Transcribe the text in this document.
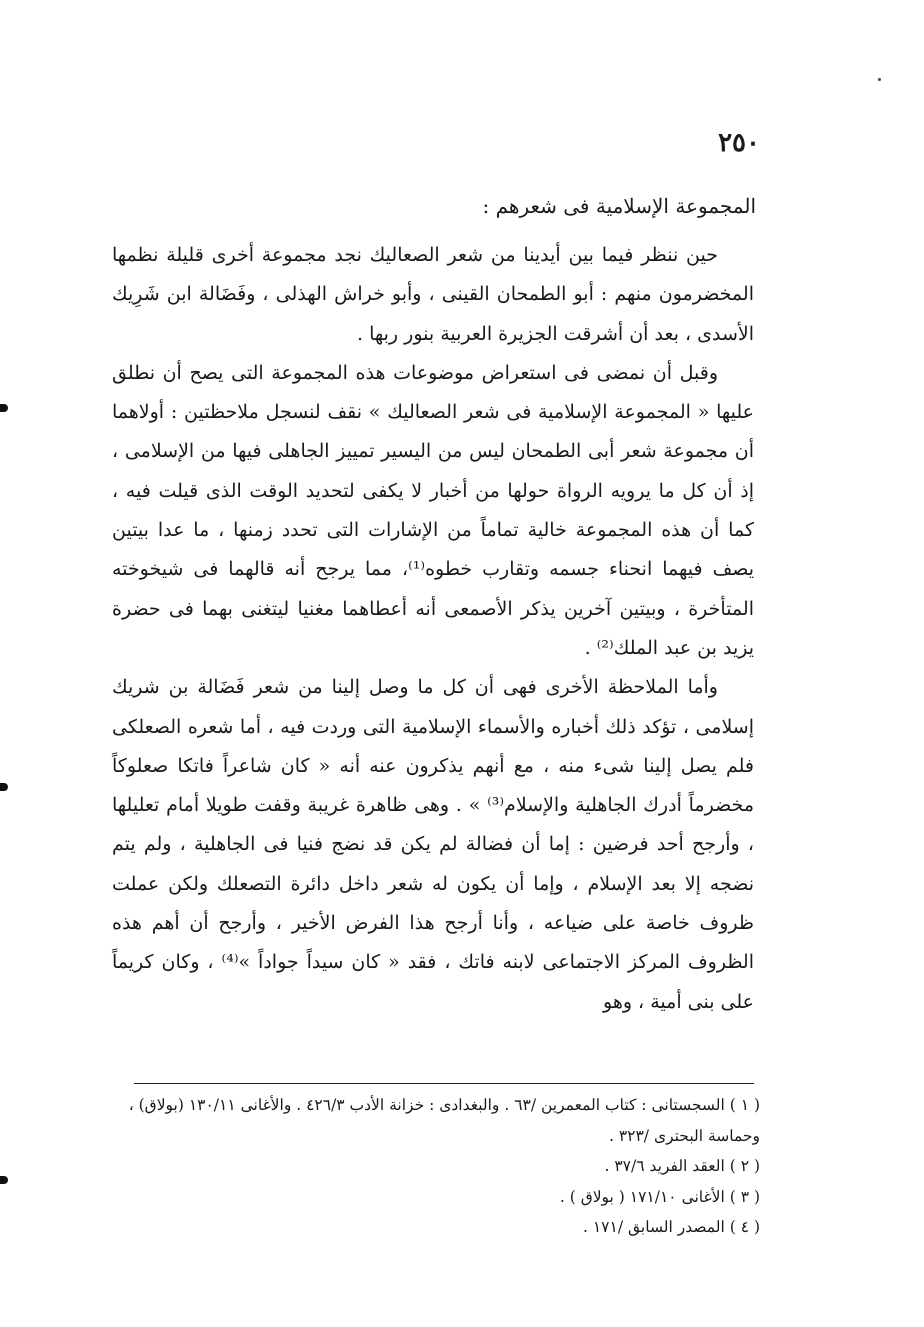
٢٥٠
المجموعة الإسلامية فى شعرهم :

حين ننظر فيما بين أيدينا من شعر الصعاليك نجد مجموعة أخرى قليلة نظمها المخضرمون منهم : أبو الطمحان القينى ، وأبو خراش الهذلى ، وفَضَالة ابن شَرِيك الأسدى ، بعد أن أشرقت الجزيرة العربية بنور ربها .

وقبل أن نمضى فى استعراض موضوعات هذه المجموعة التى يصح أن نطلق عليها « المجموعة الإسلامية فى شعر الصعاليك » نقف لنسجل ملاحظتين : أولاهما أن مجموعة شعر أبى الطمحان ليس من اليسير تمييز الجاهلى فيها من الإسلامى ، إذ أن كل ما يرويه الرواة حولها من أخبار لا يكفى لتحديد الوقت الذى قيلت فيه ، كما أن هذه المجموعة خالية تماماً من الإشارات التى تحدد زمنها ، ما عدا بيتين يصف فيهما انحناء جسمه وتقارب خطوه⁽¹⁾، مما يرجح أنه قالهما فى شيخوخته المتأخرة ، وبيتين آخرين يذكر الأصمعى أنه أعطاهما مغنيا ليتغنى بهما فى حضرة يزيد بن عبد الملك⁽²⁾ .

وأما الملاحظة الأخرى فهى أن كل ما وصل إلينا من شعر فَضَالة بن شريك إسلامى ، تؤكد ذلك أخباره والأسماء الإسلامية التى وردت فيه ، أما شعره الصعلكى فلم يصل إلينا شىء منه ، مع أنهم يذكرون عنه أنه « كان شاعراً فاتكا صعلوكاً مخضرماً أدرك الجاهلية والإسلام⁽³⁾ » . وهى ظاهرة غريبة وقفت طويلا أمام تعليلها ، وأرجح أحد فرضين : إما أن فضالة لم يكن قد نضج فنيا فى الجاهلية ، ولم يتم نضجه إلا بعد الإسلام ، وإما أن يكون له شعر داخل دائرة التصعلك ولكن عملت ظروف خاصة على ضياعه ، وأنا أرجح هذا الفرض الأخير ، وأرجح أن أهم هذه الظروف المركز الاجتماعى لابنه فاتك ، فقد « كان سيداً جواداً »⁽⁴⁾ ، وكان كريماً على بنى أمية ، وهو

( ١ ) السجستانى : كتاب المعمرين /٦٣ . والبغدادى : خزانة الأدب ٤٢٦/٣ . والأغانى ١٣٠/١١ (بولاق) ، وحماسة البحترى /٣٢٣ .

( ٢ ) العقد الفريد ٣٧/٦ .

( ٣ ) الأغانى ١٧١/١٠ ( بولاق ) .

( ٤ ) المصدر السابق /١٧١ .
